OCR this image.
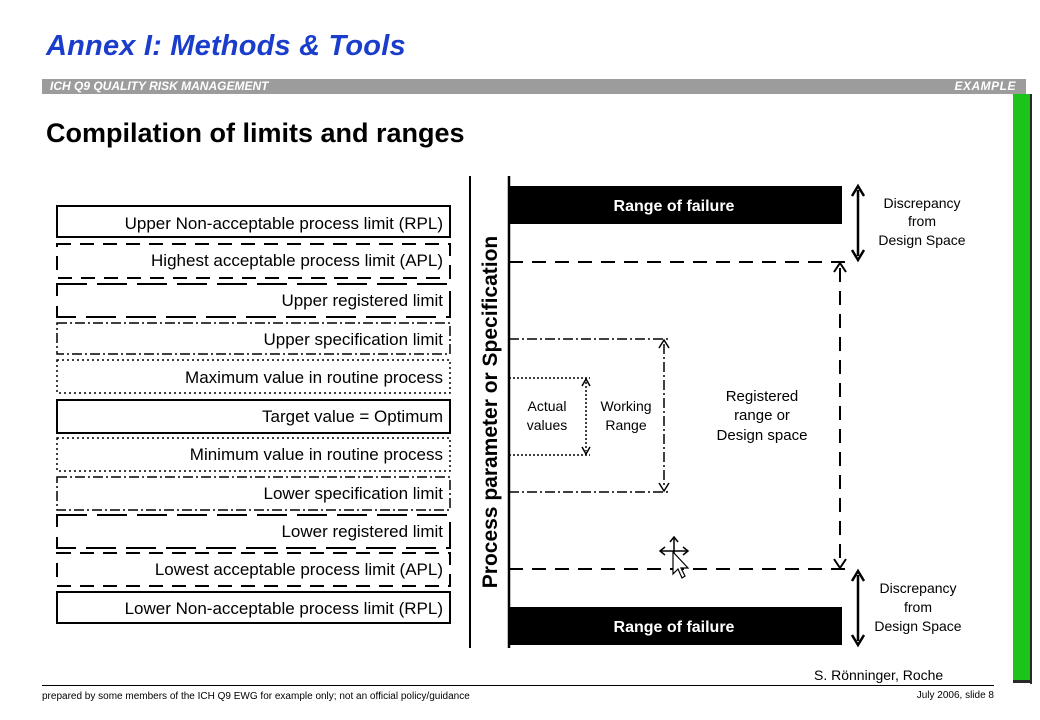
Annex I: Methods & Tools
ICH Q9 QUALITY RISK MANAGEMENT	EXAMPLE
Compilation of limits and ranges
Upper Non-acceptable process limit (RPL)
Highest acceptable process limit (APL)
Upper registered limit
Upper specification limit
Maximum value in routine process
Target value = Optimum
Minimum value in routine process
Lower specification limit
Lower registered limit
Lowest acceptable process limit (APL)
Lower Non-acceptable process limit (RPL)
Process parameter or Specification
Range of failure
Range of failure
Registered
range or
Design space
Working
Range
Actual
values
Discrepancy
from
Design Space
Discrepancy
from
Design Space
S. Rönninger, Roche
prepared by some members of the ICH Q9 EWG for example only; not an official policy/guidance	July 2006, slide 8
